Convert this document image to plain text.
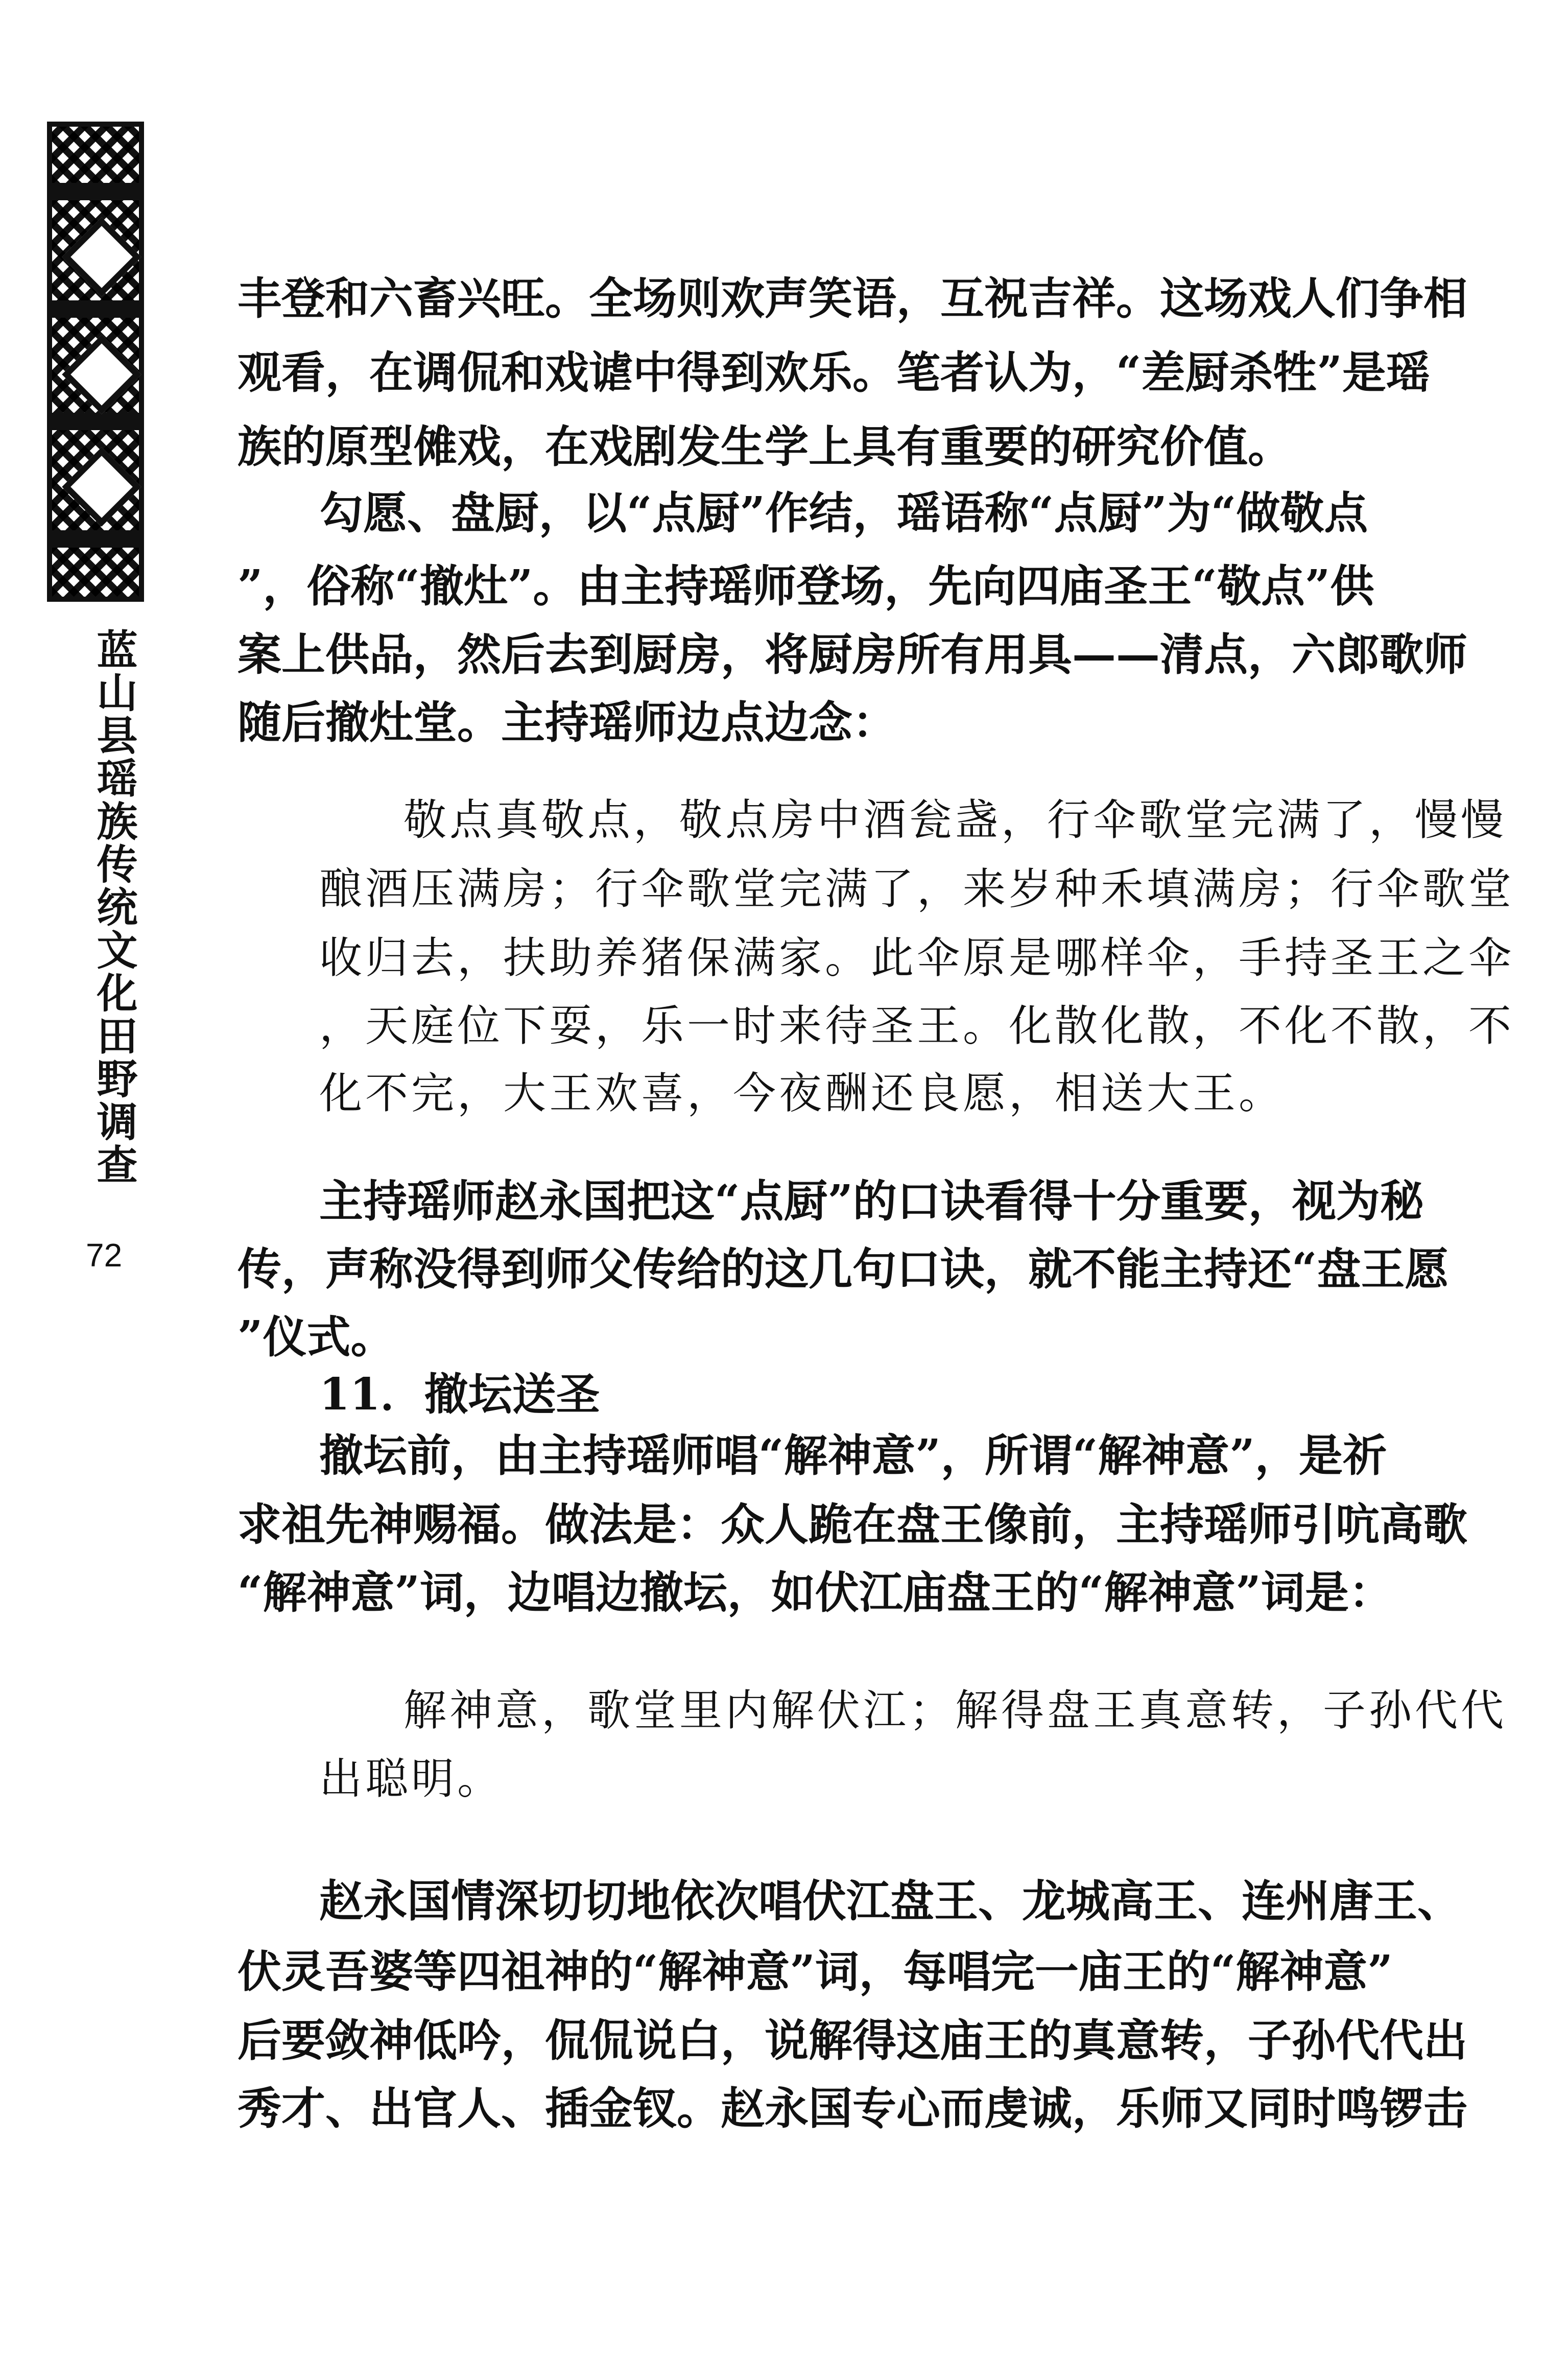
蓝山县瑶族传统文化田野调查
72

丰登和六畜兴旺。全场则欢声笑语，互祝吉祥。这场戏人们争相

观看，在调侃和戏谑中得到欢乐。笔者认为，“差厨杀牲”是瑶

族的原型傩戏，在戏剧发生学上具有重要的研究价值。

勾愿、盘厨，以“点厨”作结，瑶语称“点厨”为“做敬点

”，俗称“撤灶”。由主持瑶师登场，先向四庙圣王“敬点”供

案上供品，然后去到厨房，将厨房所有用具——清点，六郎歌师

随后撤灶堂。主持瑶师边点边念：

敬点真敬点，敬点房中酒瓮盏，行伞歌堂完满了，慢慢

酿酒压满房；行伞歌堂完满了，来岁种禾填满房；行伞歌堂

收归去，扶助养猪保满家。此伞原是哪样伞，手持圣王之伞

，天庭位下耍，乐一时来待圣王。化散化散，不化不散，不

化不完，大王欢喜，今夜酬还良愿，相送大王。

主持瑶师赵永国把这“点厨”的口诀看得十分重要，视为秘

传，声称没得到师父传给的这几句口诀，就不能主持还“盘王愿

”仪式。

11．撤坛送圣

撤坛前，由主持瑶师唱“解神意”，所谓“解神意”，是祈

求祖先神赐福。做法是：众人跪在盘王像前，主持瑶师引吭高歌

“解神意”词，边唱边撤坛，如伏江庙盘王的“解神意”词是：

解神意，歌堂里内解伏江；解得盘王真意转，子孙代代

出聪明。

赵永国情深切切地依次唱伏江盘王、龙城高王、连州唐王、

伏灵吾婆等四祖神的“解神意”词，每唱完一庙王的“解神意”

后要敛神低吟，侃侃说白，说解得这庙王的真意转，子孙代代出

秀才、出官人、插金钗。赵永国专心而虔诚，乐师又同时鸣锣击
